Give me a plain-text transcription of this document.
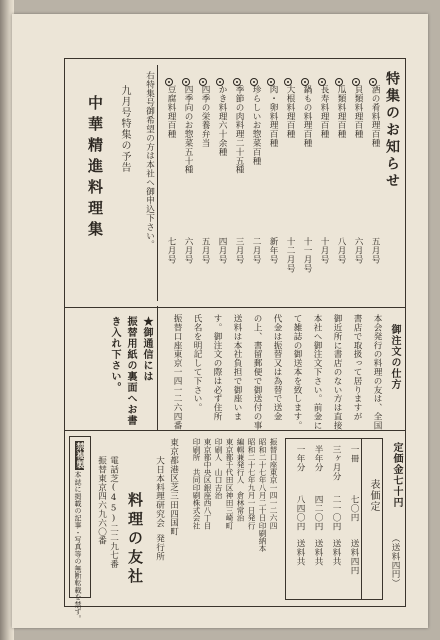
特集のお知らせ
酒の肴料理百種
五月号
貝類料理百種
六月号
瓜類料理百種
八月号
長寿料理百種
十月号
鍋もの料理百種
十一月号
大根料理百種
十二月号
肉・卵料理百種
新年号
珍らしいお惣菜百種
二月号
季節の肉料理二十五種
三月号
かき料理六十余種
四月号
四季の栄養弁当
五月号
四季向のお惣菜五十種
六月号
豆腐料理百種
七月号
右特集号御希望の方は本社へ御申込下さい。
九月号特集の予告
中華精進料理集
御注文の仕方
本会発行の料理の友は、全国
書店で取扱って居りますが
御近所に書店のない方は直接
本社へ御注文下さい。前金に
て雑誌の御送本を致します。
代金は振替又は為替で送金
の上、書留郵便で御送付の事
送料は本社負担で御座いま
す。御注文の際は必ず住所
氏名を明記して下さい。
振替口座東京一四一二六四番
★御通信には
振替用紙の裏面へお書
き入れ下さい。
定価金七十円
（送料四円）
表価定
一冊
七〇円
送料四円
三ヶ月分
二一〇円
送料共
半年分
四二〇円
送料共
一年分
八四〇円
送料共
振替口座東京一四一二六四
昭和二十七年八月二十日印刷納本
昭和二十七年九月一日発行
編輯兼発行人　倉林常治
東京都千代田区神田三崎町
印刷人　山口吉治
東京都中央区銀座西八丁目
印刷所　共同印刷株式会社
東京都港区芝三田四国町
大日本料理研究会
発行所
料理の友社
電話芝(45)二二九七番
振替東京四六九六〇番
禁複製
本誌に掲載の記事・写真等の無断転載を禁ず。
